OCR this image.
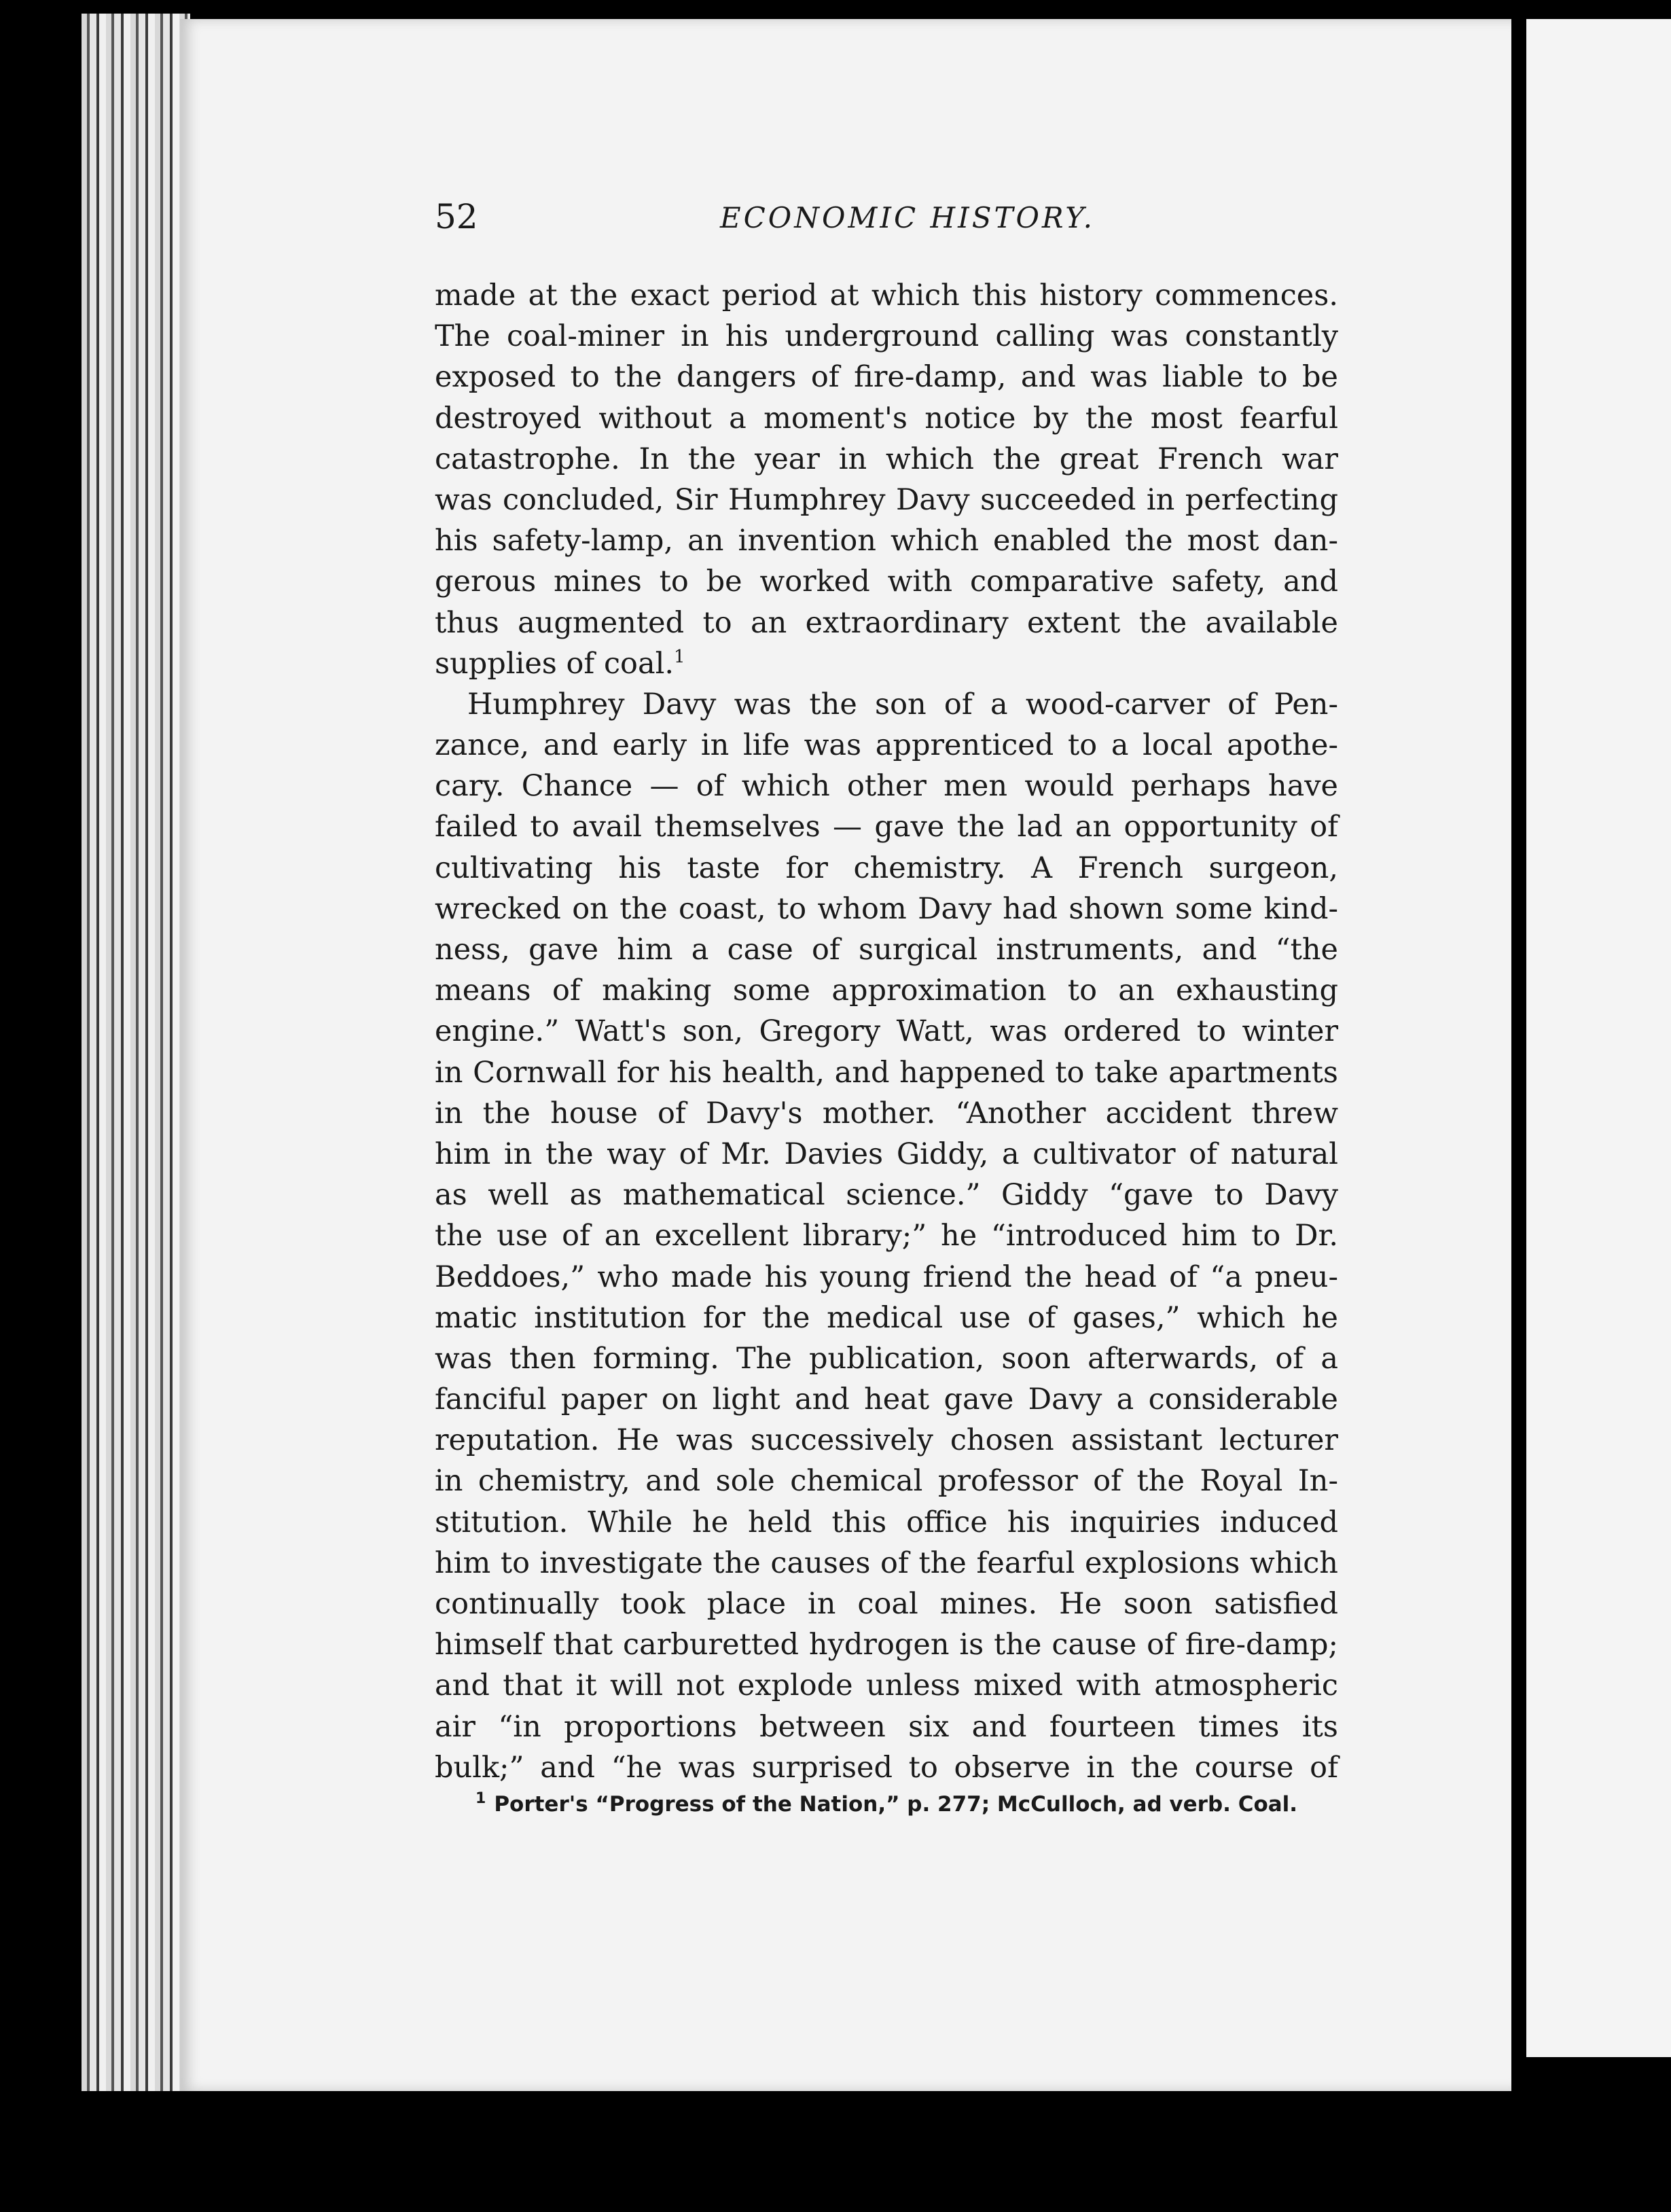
52	ECONOMIC HISTORY.
made at the exact period at which this history commences.
The coal-miner in his underground calling was constantly
exposed to the dangers of fire-damp, and was liable to be
destroyed without a moment's notice by the most fearful
catastrophe. In the year in which the great French war
was concluded, Sir Humphrey Davy succeeded in perfecting
his safety-lamp, an invention which enabled the most dan-
gerous mines to be worked with comparative safety, and
thus augmented to an extraordinary extent the available
supplies of coal.$^1$
Humphrey Davy was the son of a wood-carver of Pen-
zance, and early in life was apprenticed to a local apothe-
cary. Chance — of which other men would perhaps have
failed to avail themselves — gave the lad an opportunity of
cultivating his taste for chemistry. A French surgeon,
wrecked on the coast, to whom Davy had shown some kind-
ness, gave him a case of surgical instruments, and “the
means of making some approximation to an exhausting
engine.” Watt's son, Gregory Watt, was ordered to winter
in Cornwall for his health, and happened to take apartments
in the house of Davy's mother. “Another accident threw
him in the way of Mr. Davies Giddy, a cultivator of natural
as well as mathematical science.” Giddy “gave to Davy
the use of an excellent library;” he “introduced him to Dr.
Beddoes,” who made his young friend the head of “a pneu-
matic institution for the medical use of gases,” which he
was then forming. The publication, soon afterwards, of a
fanciful paper on light and heat gave Davy a considerable
reputation. He was successively chosen assistant lecturer
in chemistry, and sole chemical professor of the Royal In-
stitution. While he held this office his inquiries induced
him to investigate the causes of the fearful explosions which
continually took place in coal mines. He soon satisfied
himself that carburetted hydrogen is the cause of fire-damp;
and that it will not explode unless mixed with atmospheric
air “in proportions between six and fourteen times its
bulk;” and “he was surprised to observe in the course of
$^1$ Porter's “Progress of the Nation,” p. 277; McCulloch, ad verb. Coal.
